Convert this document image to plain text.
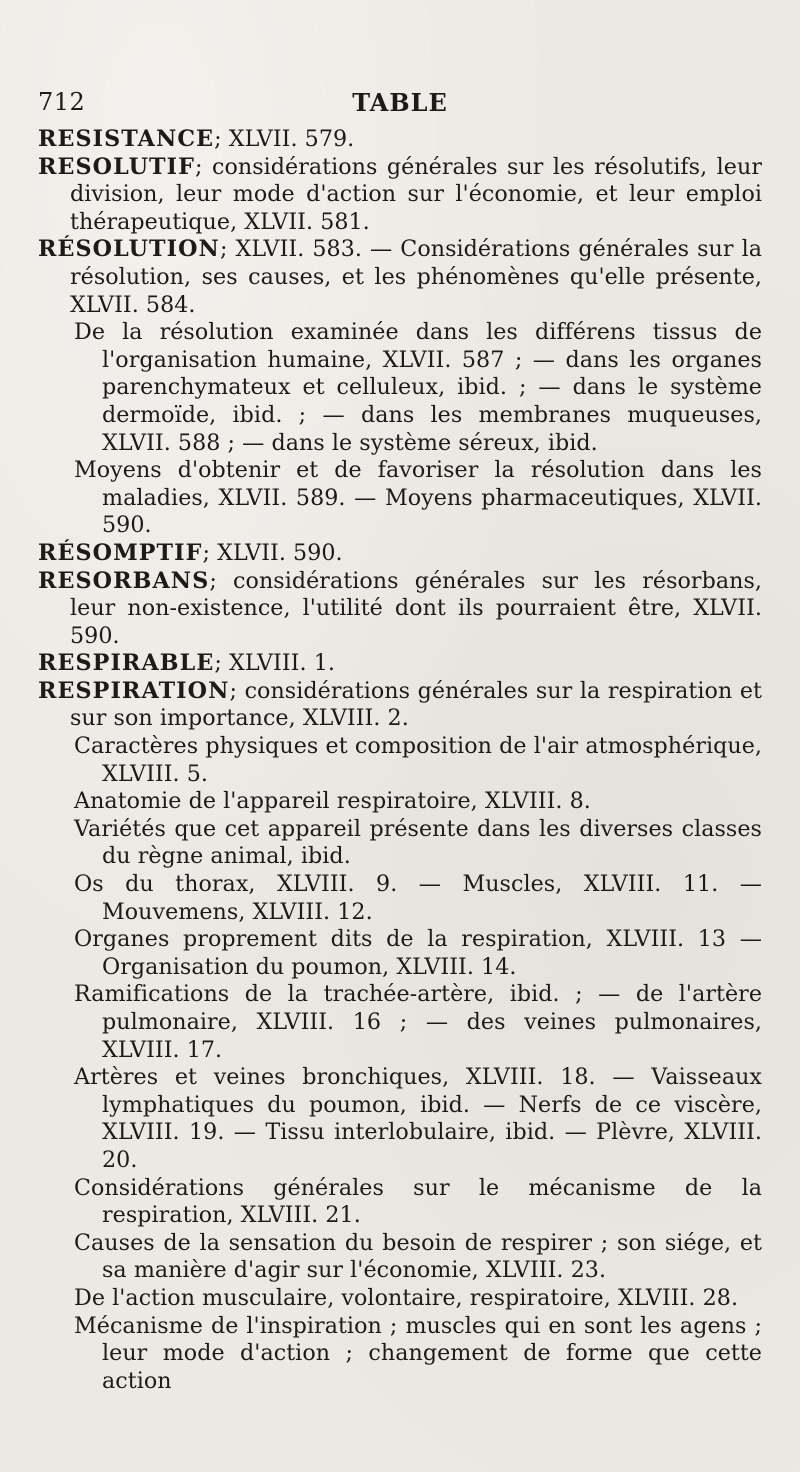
712	TABLE

RESISTANCE; XLVII. 579.

RESOLUTIF; considérations générales sur les résolutifs, leur division, leur mode d'action sur l'économie, et leur emploi thérapeutique, XLVII. 581.

RÉSOLUTION; XLVII. 583. — Considérations générales sur la résolution, ses causes, et les phénomènes qu'elle présente, XLVII. 584.

De la résolution examinée dans les différens tissus de l'organisation humaine, XLVII. 587 ; — dans les organes parenchymateux et celluleux, ibid. ; — dans le système dermoïde, ibid. ; — dans les membranes muqueuses, XLVII. 588 ; — dans le système séreux, ibid.

Moyens d'obtenir et de favoriser la résolution dans les maladies, XLVII. 589. — Moyens pharmaceutiques, XLVII. 590.

RÉSOMPTIF; XLVII. 590.

RESORBANS; considérations générales sur les résorbans, leur non-existence, l'utilité dont ils pourraient être, XLVII. 590.

RESPIRABLE; XLVIII. 1.

RESPIRATION; considérations générales sur la respiration et sur son importance, XLVIII. 2.

Caractères physiques et composition de l'air atmosphérique, XLVIII. 5.

Anatomie de l'appareil respiratoire, XLVIII. 8.

Variétés que cet appareil présente dans les diverses classes du règne animal, ibid.

Os du thorax, XLVIII. 9. — Muscles, XLVIII. 11. — Mouvemens, XLVIII. 12.

Organes proprement dits de la respiration, XLVIII. 13 — Organisation du poumon, XLVIII. 14.

Ramifications de la trachée-artère, ibid. ; — de l'artère pulmonaire, XLVIII. 16 ; — des veines pulmonaires, XLVIII. 17.

Artères et veines bronchiques, XLVIII. 18. — Vaisseaux lymphatiques du poumon, ibid. — Nerfs de ce viscère, XLVIII. 19. — Tissu interlobulaire, ibid. — Plèvre, XLVIII. 20.

Considérations générales sur le mécanisme de la respiration, XLVIII. 21.

Causes de la sensation du besoin de respirer ; son siége, et sa manière d'agir sur l'économie, XLVIII. 23.

De l'action musculaire, volontaire, respiratoire, XLVIII. 28.

Mécanisme de l'inspiration ; muscles qui en sont les agens ; leur mode d'action ; changement de forme que cette action
